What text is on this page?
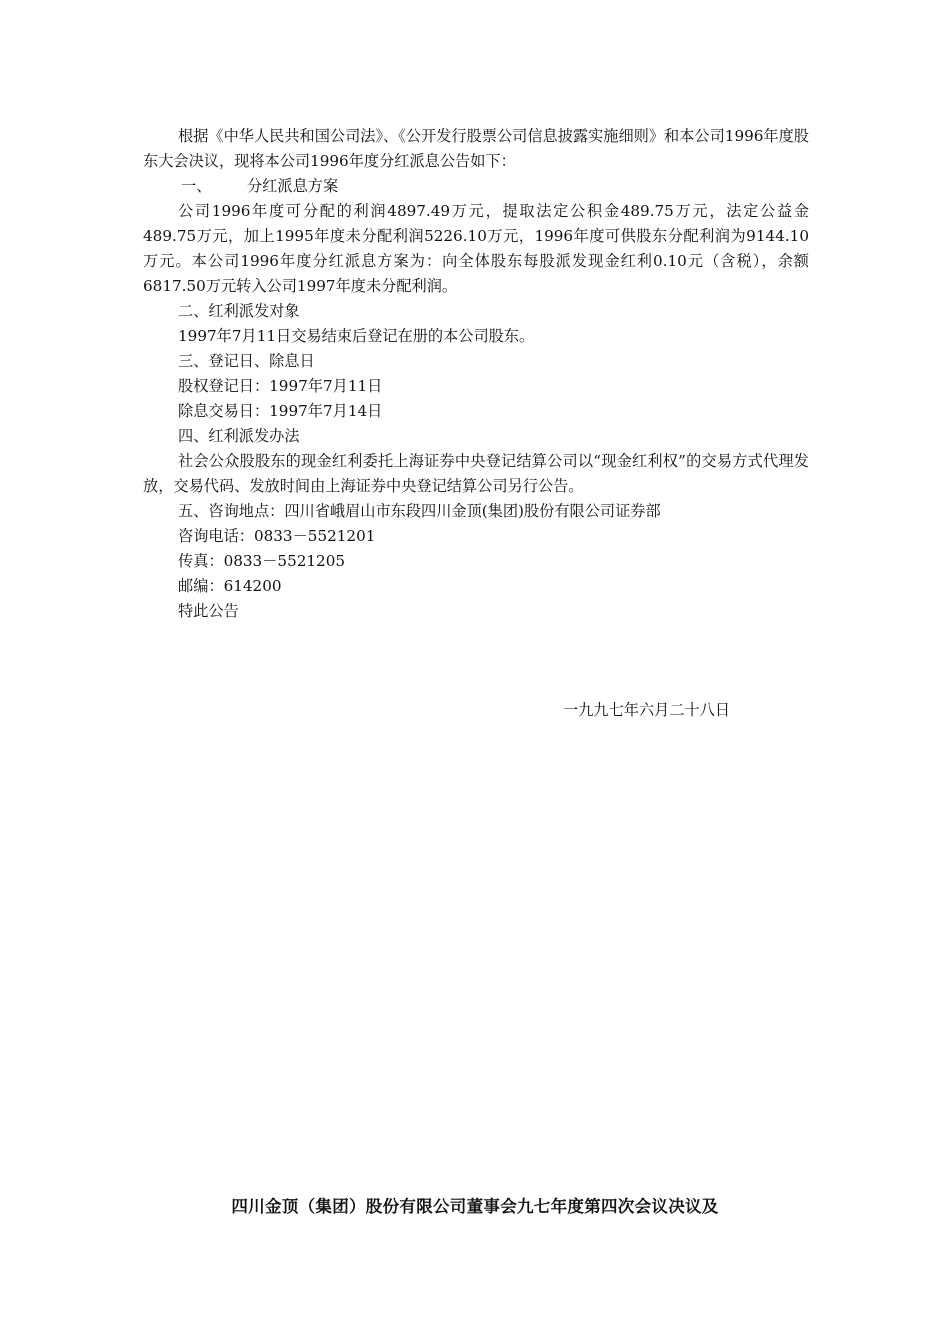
根据《中华人民共和国公司法》、《公开发行股票公司信息披露实施细则》和本公司1996年度股东大会决议，现将本公司1996年度分红派息公告如下：

一、 分红派息方案

公司1996年度可分配的利润4897.49万元，提取法定公积金489.75万元，法定公益金489.75万元，加上1995年度未分配利润5226.10万元，1996年度可供股东分配利润为9144.10万元。本公司1996年度分红派息方案为：向全体股东每股派发现金红利0.10元（含税），余额6817.50万元转入公司1997年度未分配利润。

二、红利派发对象

1997年7月11日交易结束后登记在册的本公司股东。

三、登记日、除息日

股权登记日：1997年7月11日

除息交易日：1997年7月14日

四、红利派发办法

社会公众股股东的现金红利委托上海证券中央登记结算公司以“现金红利权”的交易方式代理发放，交易代码、发放时间由上海证券中央登记结算公司另行公告。

五、咨询地点：四川省峨眉山市东段四川金顶(集团)股份有限公司证券部

咨询电话：0833－5521201

传真：0833－5521205

邮编：614200

特此公告

一九九七年六月二十八日
四川金顶（集团）股份有限公司董事会九七年度第四次会议决议及
